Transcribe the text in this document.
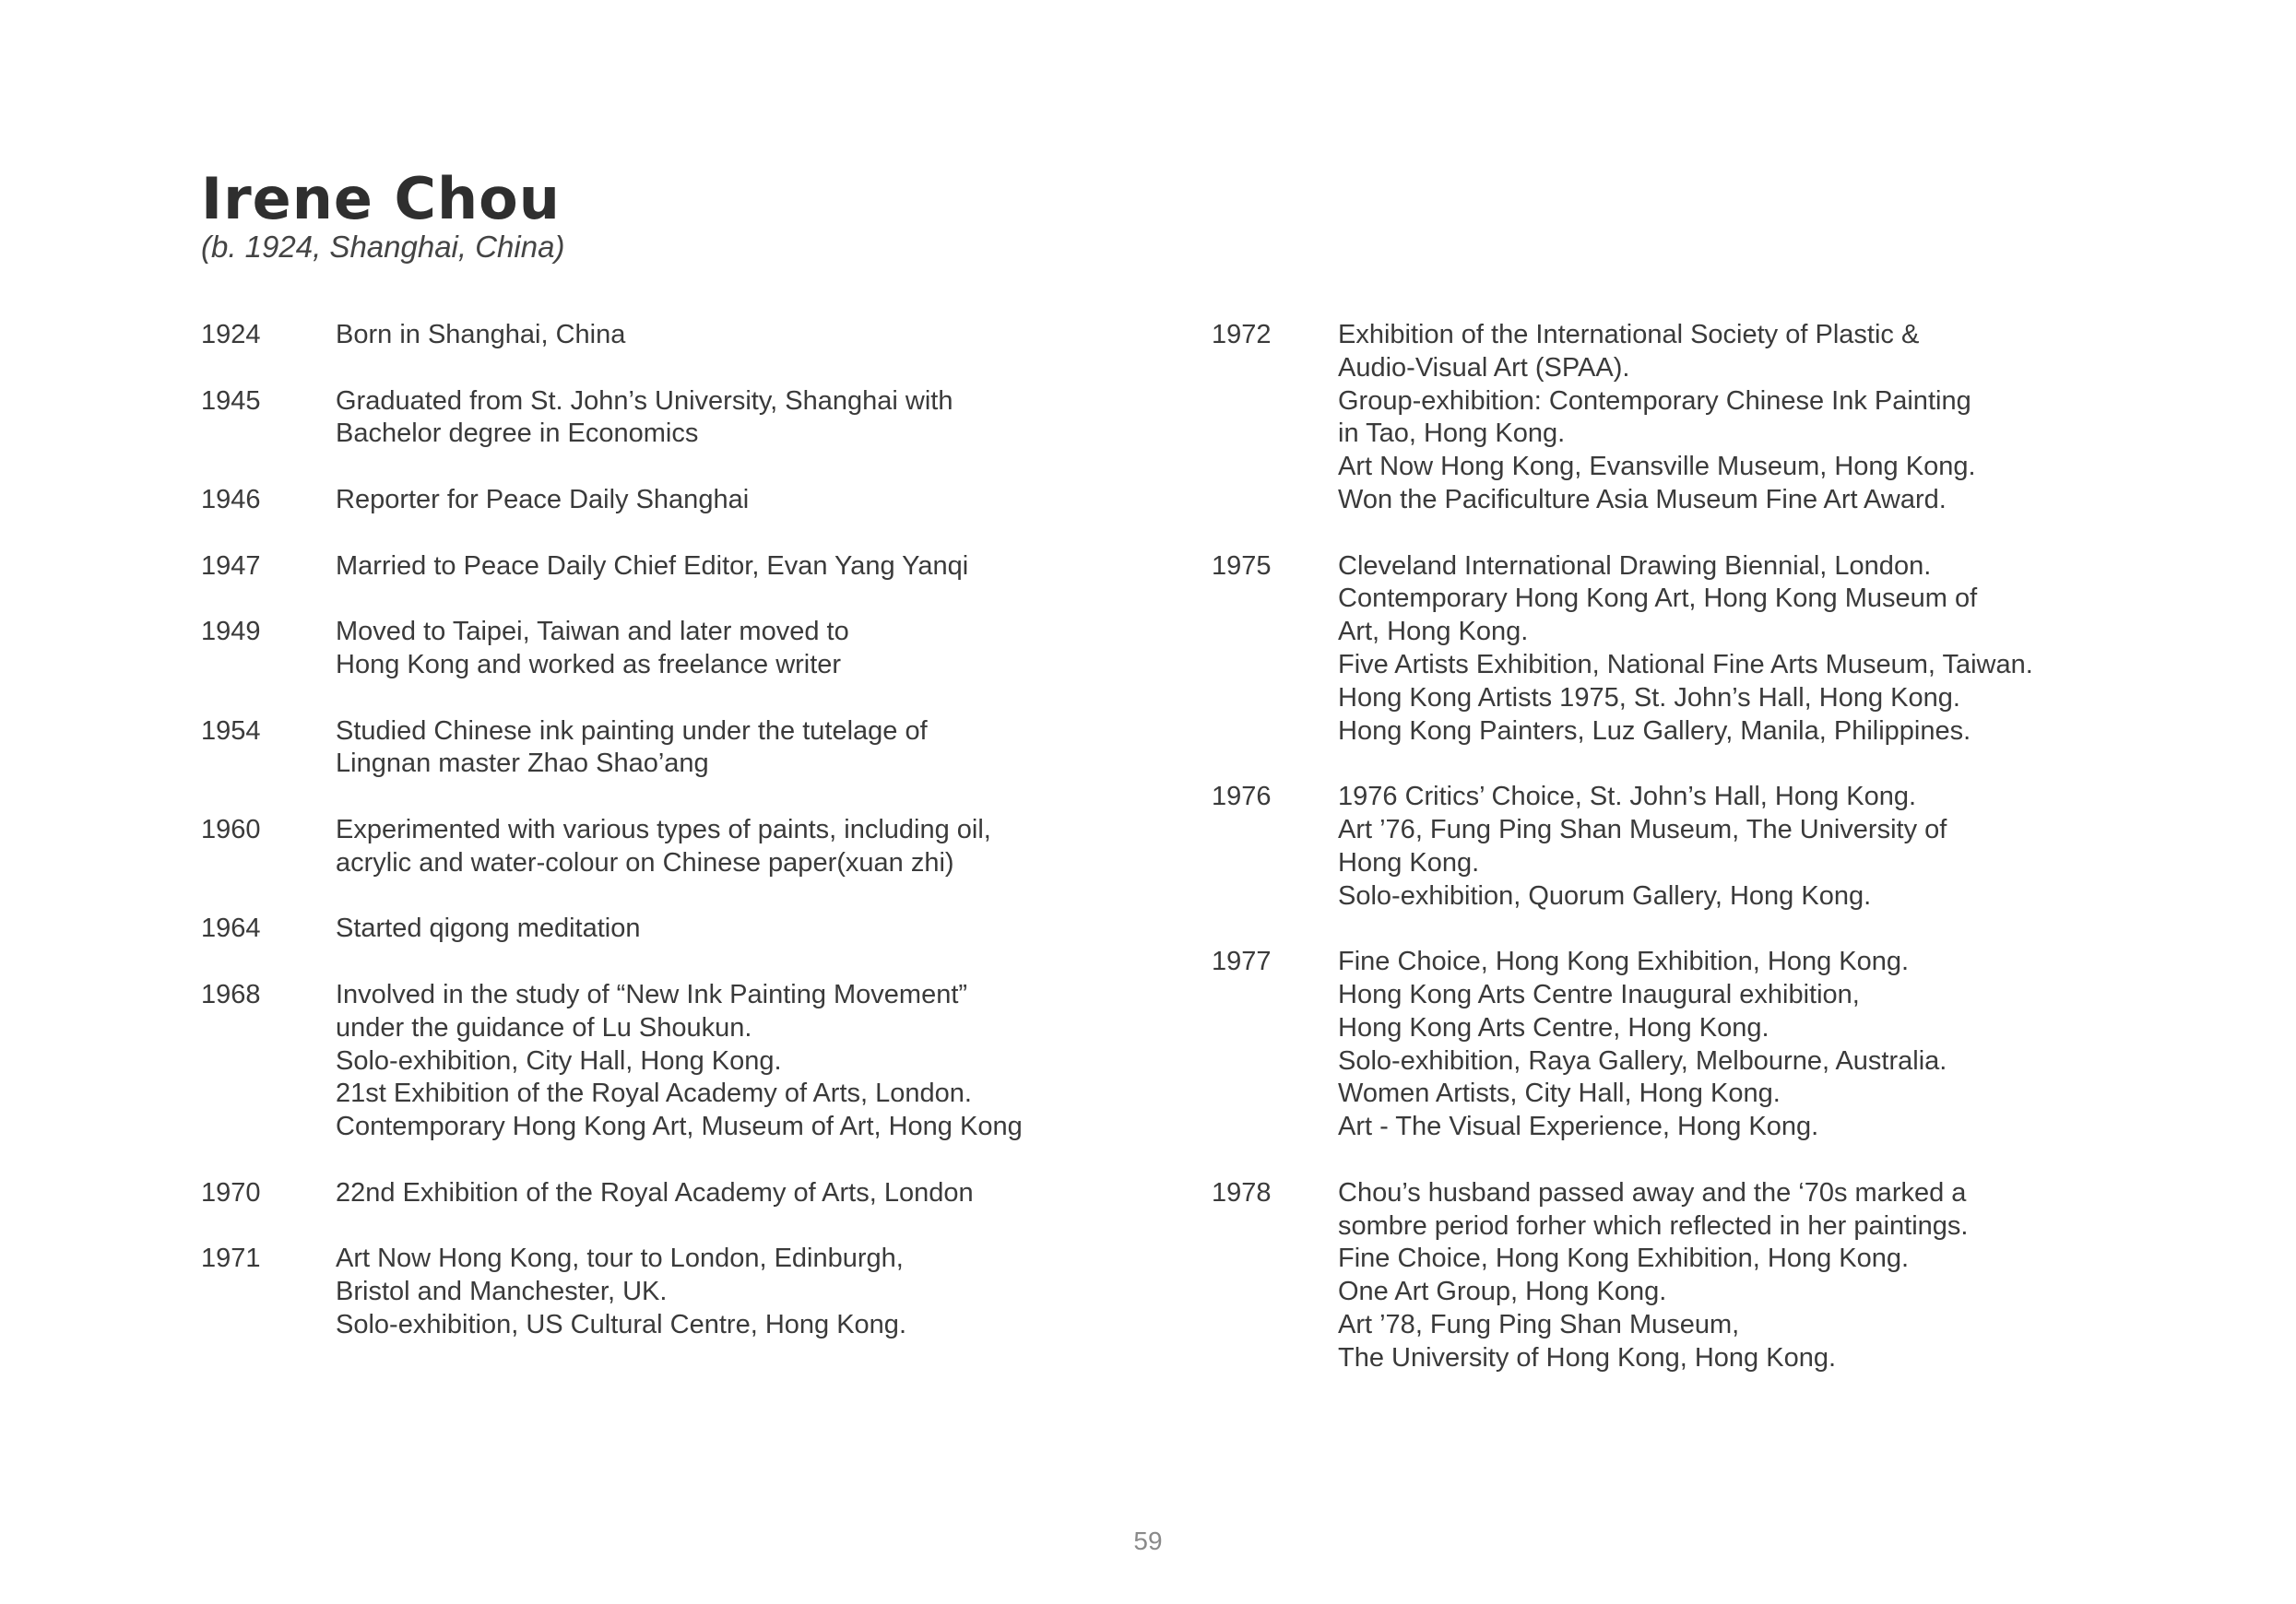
Irene Chou
(b. 1924, Shanghai, China)
1924	Born in Shanghai, China
1945	Graduated from St. John’s University, Shanghai with
Bachelor degree in Economics
1946	Reporter for Peace Daily Shanghai
1947	Married to Peace Daily Chief Editor, Evan Yang Yanqi
1949	Moved to Taipei, Taiwan and later moved to
Hong Kong and worked as freelance writer
1954	Studied Chinese ink painting under the tutelage of
Lingnan master Zhao Shao’ang
1960	Experimented with various types of paints, including oil,
acrylic and water-colour on Chinese paper(xuan zhi)
1964	Started qigong meditation
1968	Involved in the study of “New Ink Painting Movement”
under the guidance of Lu Shoukun.
Solo-exhibition, City Hall, Hong Kong.
21st Exhibition of the Royal Academy of Arts, London.
Contemporary Hong Kong Art, Museum of Art, Hong Kong
1970	22nd Exhibition of the Royal Academy of Arts, London
1971	Art Now Hong Kong, tour to London, Edinburgh,
Bristol and Manchester, UK.
Solo-exhibition, US Cultural Centre, Hong Kong.
1972	Exhibition of the International Society of Plastic &
Audio-Visual Art (SPAA).
Group-exhibition: Contemporary Chinese Ink Painting
in Tao, Hong Kong.
Art Now Hong Kong, Evansville Museum, Hong Kong.
Won the Pacificulture Asia Museum Fine Art Award.
1975	Cleveland International Drawing Biennial, London.
Contemporary Hong Kong Art, Hong Kong Museum of
Art, Hong Kong.
Five Artists Exhibition, National Fine Arts Museum, Taiwan.
Hong Kong Artists 1975, St. John’s Hall, Hong Kong.
Hong Kong Painters, Luz Gallery, Manila, Philippines.
1976	1976 Critics’ Choice, St. John’s Hall, Hong Kong.
Art ’76, Fung Ping Shan Museum, The University of
Hong Kong.
Solo-exhibition, Quorum Gallery, Hong Kong.
1977	Fine Choice, Hong Kong Exhibition, Hong Kong.
Hong Kong Arts Centre Inaugural exhibition,
Hong Kong Arts Centre, Hong Kong.
Solo-exhibition, Raya Gallery, Melbourne, Australia.
Women Artists, City Hall, Hong Kong.
Art - The Visual Experience, Hong Kong.
1978	Chou’s husband passed away and the ‘70s marked a
sombre period forher which reflected in her paintings.
Fine Choice, Hong Kong Exhibition, Hong Kong.
One Art Group, Hong Kong.
Art ’78, Fung Ping Shan Museum,
The University of Hong Kong, Hong Kong.
59
